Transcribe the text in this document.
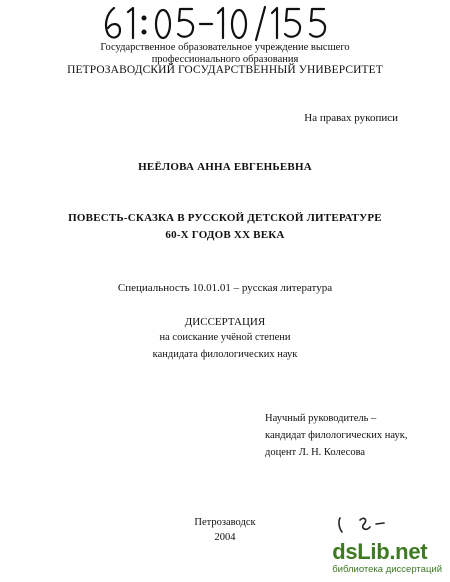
Государственное образовательное учреждение высшего
профессионального образования
ПЕТРОЗАВОДСКИЙ ГОСУДАРСТВЕННЫЙ УНИВЕРСИТЕТ
На правах рукописи
НЕЁЛОВА АННА ЕВГЕНЬЕВНА
ПОВЕСТЬ-СКАЗКА В РУССКОЙ ДЕТСКОЙ ЛИТЕРАТУРЕ
60-Х ГОДОВ XX ВЕКА
Специальность 10.01.01 – русская литература
ДИССЕРТАЦИЯ
на соискание учёной степени
кандидата филологических наук
Научный руководитель –
кандидат филологических наук,
доцент Л. Н. Колесова
Петрозаводск
2004
dsLib.net
библиотека диссертаций
